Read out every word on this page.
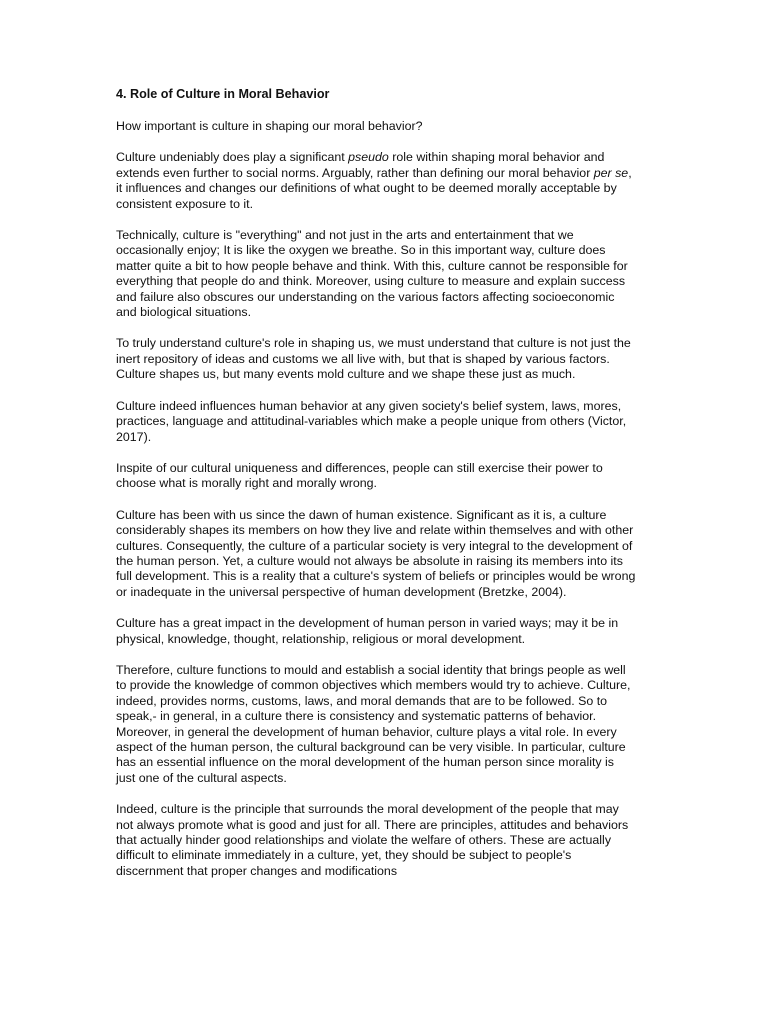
4. Role of Culture in Moral Behavior

How important is culture in shaping our moral behavior?

Culture undeniably does play a significant pseudo role within shaping moral behavior and extends even further to social norms. Arguably, rather than defining our moral behavior per se, it influences and changes our definitions of what ought to be deemed morally acceptable by consistent exposure to it.

Technically, culture is "everything" and not just in the arts and entertainment that we occasionally enjoy; It is like the oxygen we breathe. So in this important way, culture does matter quite a bit to how people behave and think. With this, culture cannot be responsible for everything that people do and think. Moreover, using culture to measure and explain success and failure also obscures our understanding on the various factors affecting socioeconomic and biological situations.

To truly understand culture's role in shaping us, we must understand that culture is not just the inert repository of ideas and customs we all live with, but that is shaped by various factors. Culture shapes us, but many events mold culture and we shape these just as much.

Culture indeed influences human behavior at any given society's belief system, laws, mores, practices, language and attitudinal-variables which make a people unique from others (Victor, 2017).

Inspite of our cultural uniqueness and differences, people can still exercise their power to choose what is morally right and morally wrong.

Culture has been with us since the dawn of human existence. Significant as it is, a culture considerably shapes its members on how they live and relate within themselves and with other cultures. Consequently, the culture of a particular society is very integral to the development of the human person. Yet, a culture would not always be absolute in raising its members into its full development. This is a reality that a culture's system of beliefs or principles would be wrong or inadequate in the universal perspective of human development (Bretzke, 2004).

Culture has a great impact in the development of human person in varied ways; may it be in physical, knowledge, thought, relationship, religious or moral development.

Therefore, culture functions to mould and establish a social identity that brings people as well to provide the knowledge of common objectives which members would try to achieve. Culture, indeed, provides norms, customs, laws, and moral demands that are to be followed. So to speak,- in general, in a culture there is consistency and systematic patterns of behavior. Moreover, in general the development of human behavior, culture plays a vital role. In every aspect of the human person, the cultural background can be very visible. In particular, culture has an essential influence on the moral development of the human person since morality is just one of the cultural aspects.

Indeed, culture is the principle that surrounds the moral development of the people that may not always promote what is good and just for all. There are principles, attitudes and behaviors that actually hinder good relationships and violate the welfare of others. These are actually difficult to eliminate immediately in a culture, yet, they should be subject to people's discernment that proper changes and modifications
